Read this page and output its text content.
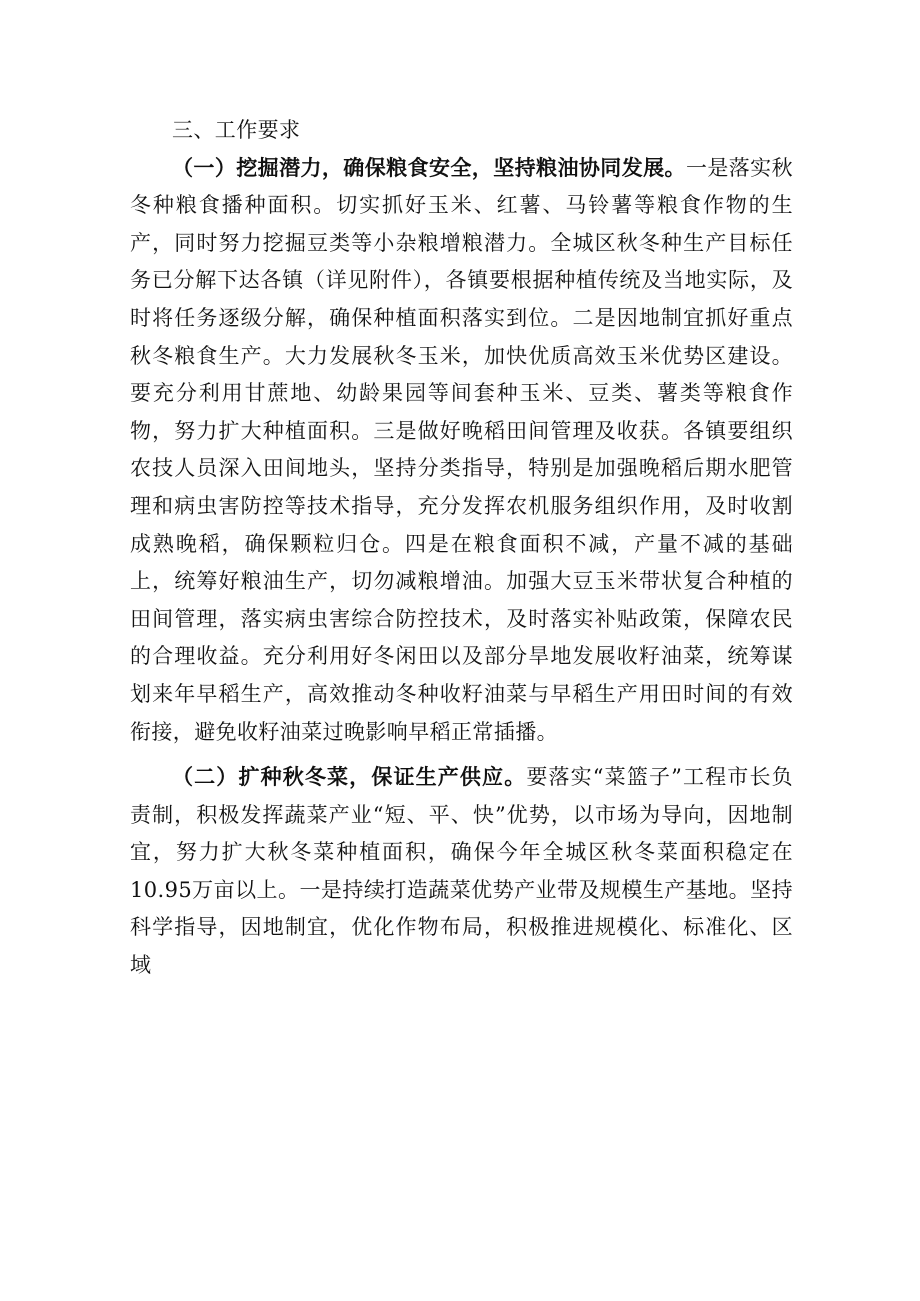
三、工作要求

（一）挖掘潜力，确保粮食安全，坚持粮油协同发展。一是落实秋冬种粮食播种面积。切实抓好玉米、红薯、马铃薯等粮食作物的生产，同时努力挖掘豆类等小杂粮增粮潜力。全城区秋冬种生产目标任务已分解下达各镇（详见附件），各镇要根据种植传统及当地实际，及时将任务逐级分解，确保种植面积落实到位。二是因地制宜抓好重点秋冬粮食生产。大力发展秋冬玉米，加快优质高效玉米优势区建设。要充分利用甘蔗地、幼龄果园等间套种玉米、豆类、薯类等粮食作物，努力扩大种植面积。三是做好晚稻田间管理及收获。各镇要组织农技人员深入田间地头，坚持分类指导，特别是加强晚稻后期水肥管理和病虫害防控等技术指导，充分发挥农机服务组织作用，及时收割成熟晚稻，确保颗粒归仓。四是在粮食面积不减，产量不减的基础上，统筹好粮油生产，切勿减粮增油。加强大豆玉米带状复合种植的田间管理，落实病虫害综合防控技术，及时落实补贴政策，保障农民的合理收益。充分利用好冬闲田以及部分旱地发展收籽油菜，统筹谋划来年早稻生产，高效推动冬种收籽油菜与早稻生产用田时间的有效衔接，避免收籽油菜过晚影响早稻正常插播。

（二）扩种秋冬菜，保证生产供应。要落实“菜篮子”工程市长负责制，积极发挥蔬菜产业“短、平、快”优势，以市场为导向，因地制宜，努力扩大秋冬菜种植面积，确保今年全城区秋冬菜面积稳定在10.95万亩以上。一是持续打造蔬菜优势产业带及规模生产基地。坚持科学指导，因地制宜，优化作物布局，积极推进规模化、标准化、区域
